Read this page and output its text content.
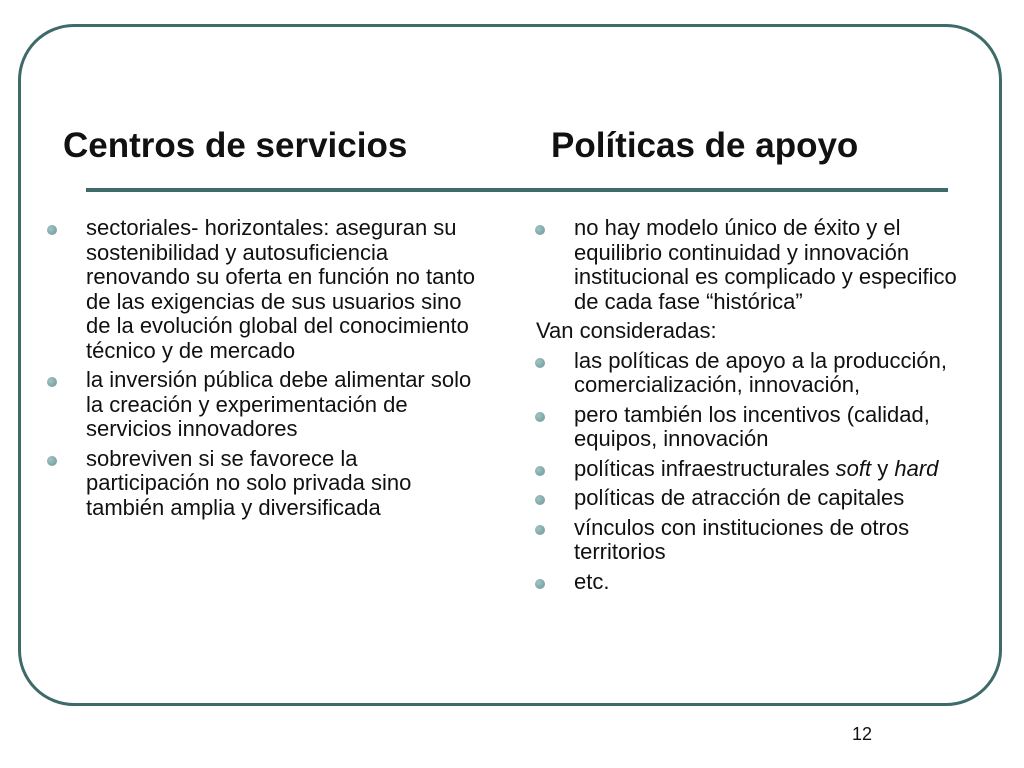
Centros de servicios	Políticas de apoyo
sectoriales- horizontales: aseguran su sostenibilidad y autosuficiencia renovando su oferta en función no tanto de las exigencias de sus usuarios sino de la evolución global del conocimiento técnico y de mercado
la inversión pública debe alimentar solo la creación y experimentación de servicios innovadores
sobreviven si se favorece la participación no solo privada sino también amplia y diversificada
no hay modelo único de éxito y el equilibrio continuidad y innovación institucional es complicado y especifico de cada fase “histórica”
Van consideradas:
las políticas de apoyo a la producción, comercialización, innovación,
pero también los incentivos (calidad, equipos, innovación
políticas infraestructurales soft y hard
políticas de atracción de capitales
vínculos con instituciones de otros territorios
etc.
12
